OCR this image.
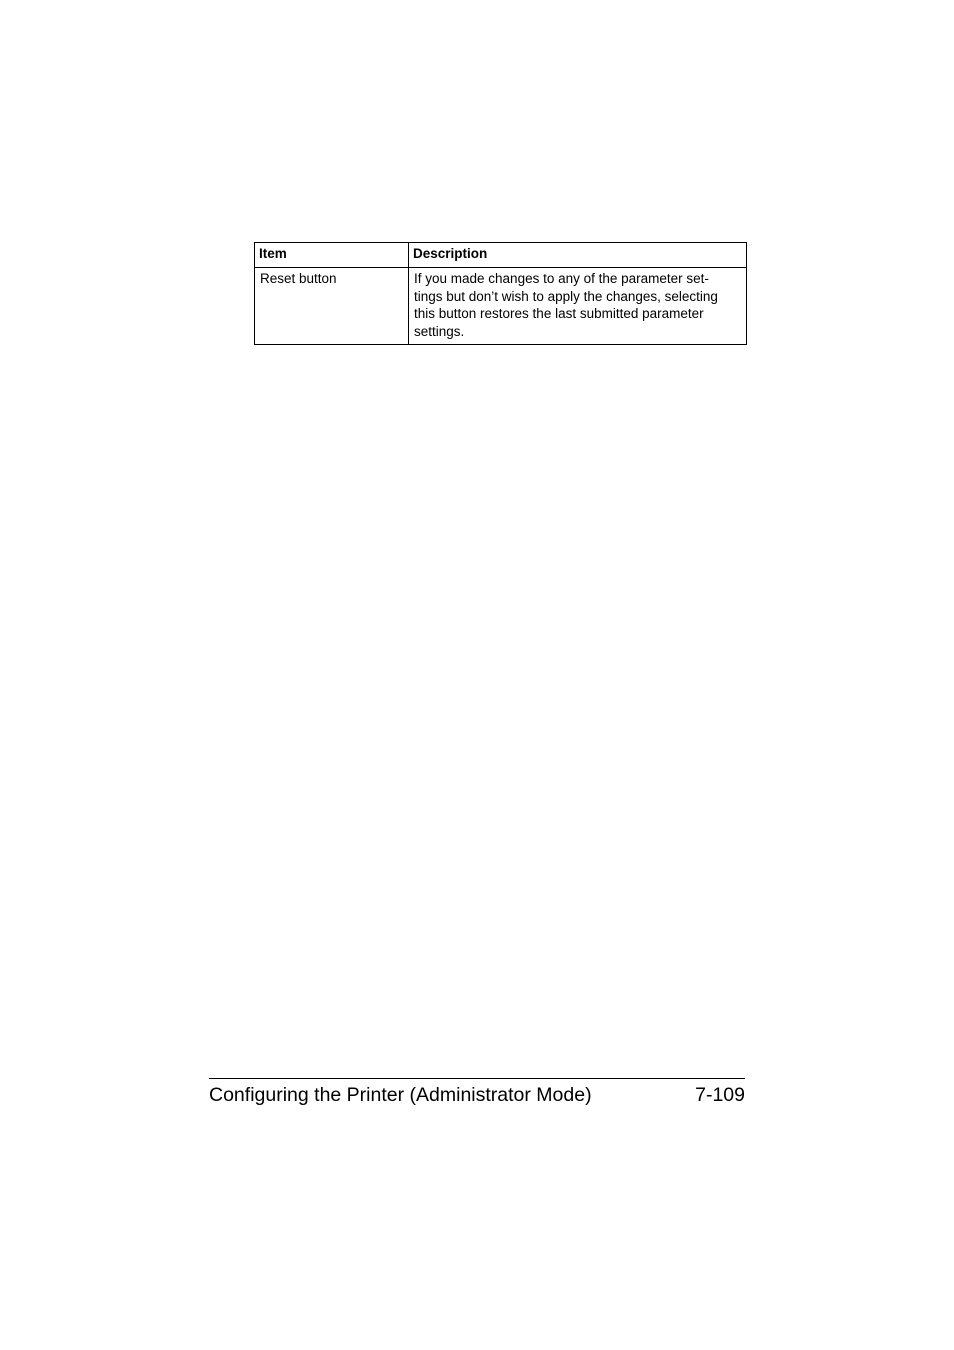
Item	Description
Reset button	If you made changes to any of the parameter set-
tings but don’t wish to apply the changes, selecting
this button restores the last submitted parameter
settings.
Configuring the Printer (Administrator Mode)	7-109
